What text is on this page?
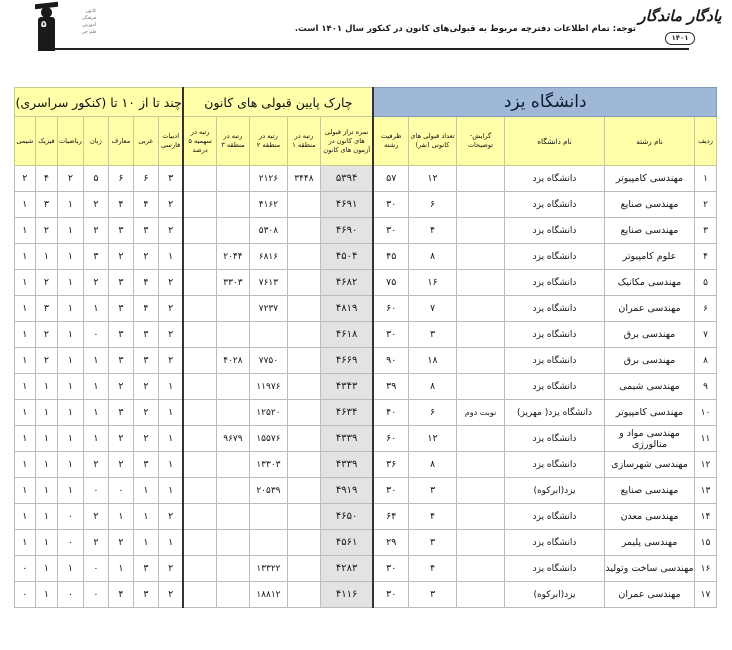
توجه: تمام اطلاعات دفترچه مربوط به قبولی‌های کانون در کنکور سال ۱۴۰۱ است.
یادگار ماندگار
۱۴۰۱
۵
کانون
فرهنگی
آموزش
قلم چی
دانشگاه یزد						چارک پایین قبولی های کانون					چند تا از ۱۰ تا (کنکور سراسری)						
ردیف	نام رشته	نام دانشگاه	گرایش-توضیحات	تعداد قبولی های کانونی (نفر)	ظرفیت رشته	نمره تراز قبولی های کانون در آزمون های کانون	رتبه در منطقه ۱	رتبه در منطقه ۲	رتبه در منطقه ۳	رتبه در سهمیه ۵ درصد	ادبیات فارسی	عربی	معارف	زبان	ریاضیات	فیزیک	شیمی
۱	مهندسی کامپیوتر	دانشگاه یزد		۱۲	۵۷	۵۳۹۴	۳۴۴۸	۲۱۲۶			۳	۶	۶	۵	۲	۴	۲
۲	مهندسی صنایع	دانشگاه یزد		۶	۳۰	۴۶۹۱		۴۱۶۲			۲	۴	۴	۲	۱	۳	۱
۳	مهندسی صنایع	دانشگاه یزد		۴	۳۰	۴۶۹۰		۵۳۰۸			۲	۳	۳	۲	۱	۲	۱
۴	علوم کامپیوتر	دانشگاه یزد		۸	۴۵	۴۵۰۴		۶۸۱۶	۲۰۴۴		۱	۲	۲	۳	۱	۱	۱
۵	مهندسی مکانیک	دانشگاه یزد		۱۶	۷۵	۴۶۸۲		۷۶۱۳	۳۳۰۳		۲	۴	۳	۲	۱	۲	۱
۶	مهندسی عمران	دانشگاه یزد		۷	۶۰	۴۸۱۹		۷۲۳۷			۲	۴	۳	۱	۱	۳	۱
۷	مهندسی برق	دانشگاه یزد		۳	۳۰	۴۶۱۸					۲	۳	۳	۰	۱	۲	۱
۸	مهندسی برق	دانشگاه یزد		۱۸	۹۰	۴۶۶۹		۷۷۵۰	۴۰۲۸		۲	۳	۳	۱	۱	۲	۱
۹	مهندسی شیمی	دانشگاه یزد		۸	۳۹	۴۳۴۳		۱۱۹۷۶			۱	۲	۲	۱	۱	۱	۱
۱۰	مهندسی کامپیوتر	دانشگاه یزد( مهریز)	نوبت دوم	۶	۴۰	۴۶۳۴		۱۲۵۲۰			۱	۲	۳	۱	۱	۱	۱
۱۱	مهندسی مواد و متالورژی	دانشگاه یزد		۱۲	۶۰	۴۳۳۹		۱۵۵۷۶	۹۶۷۹		۱	۲	۲	۱	۱	۱	۱
۱۲	مهندسی شهرسازی	دانشگاه یزد		۸	۳۶	۴۳۳۹		۱۳۳۰۳			۱	۳	۲	۲	۱	۱	۱
۱۳	مهندسی صنایع	یزد(ابرکوه)		۳	۳۰	۴۹۱۹		۲۰۵۳۹			۱	۱	۰	۰	۱	۱	۱
۱۴	مهندسی معدن	دانشگاه یزد		۴	۶۴	۴۶۵۰					۲	۱	۱	۲	۰	۱	۱
۱۵	مهندسی پلیمر	دانشگاه یزد		۳	۲۹	۴۵۶۱					۱	۱	۲	۲	۰	۱	۱
۱۶	مهندسی ساخت وتولید	دانشگاه یزد		۴	۳۰	۴۲۸۳		۱۳۳۲۲			۲	۳	۱	۰	۱	۱	۰
۱۷	مهندسی عمران	یزد(ابرکوه)		۳	۳۰	۴۱۱۶		۱۸۸۱۲			۲	۳	۴	۰	۰	۱	۰
